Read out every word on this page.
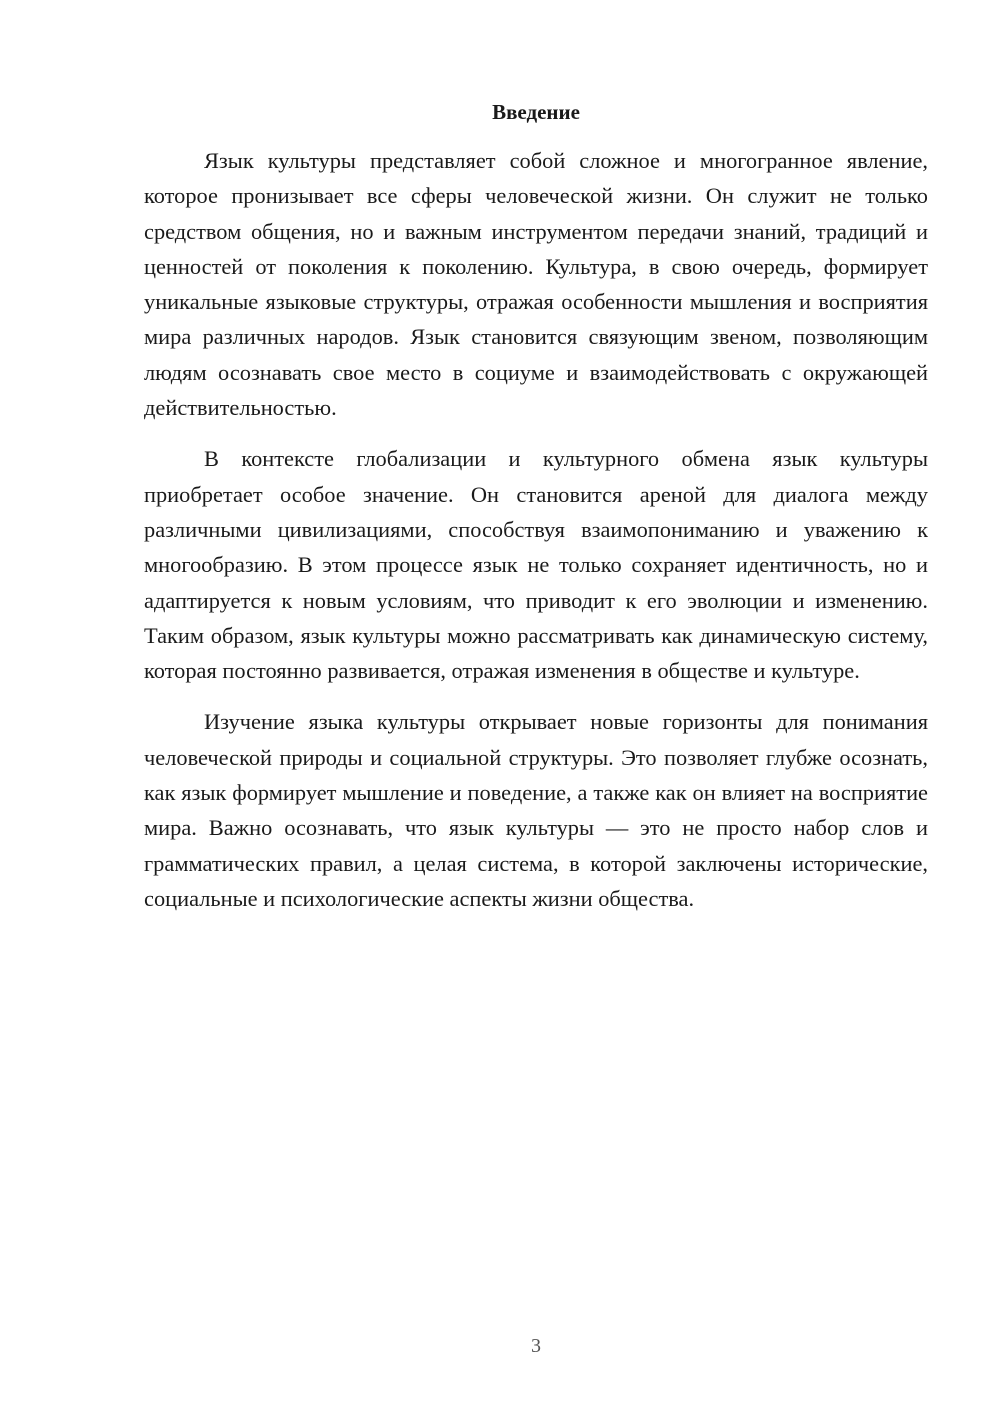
Введение

Язык культуры представляет собой сложное и многогранное явление, которое пронизывает все сферы человеческой жизни. Он служит не только средством общения, но и важным инструментом передачи знаний, традиций и ценностей от поколения к поколению. Культура, в свою очередь, формирует уникальные языковые структуры, отражая особенности мышления и восприятия мира различных народов. Язык становится связующим звеном, позволяющим людям осознавать свое место в социуме и взаимодействовать с окружающей действительностью.

В контексте глобализации и культурного обмена язык культуры приобретает особое значение. Он становится ареной для диалога между различными цивилизациями, способствуя взаимопониманию и уважению к многообразию. В этом процессе язык не только сохраняет идентичность, но и адаптируется к новым условиям, что приводит к его эволюции и изменению. Таким образом, язык культуры можно рассматривать как динамическую систему, которая постоянно развивается, отражая изменения в обществе и культуре.

Изучение языка культуры открывает новые горизонты для понимания человеческой природы и социальной структуры. Это позволяет глубже осознать, как язык формирует мышление и поведение, а также как он влияет на восприятие мира. Важно осознавать, что язык культуры — это не просто набор слов и грамматических правил, а целая система, в которой заключены исторические, социальные и психологические аспекты жизни общества.

3
